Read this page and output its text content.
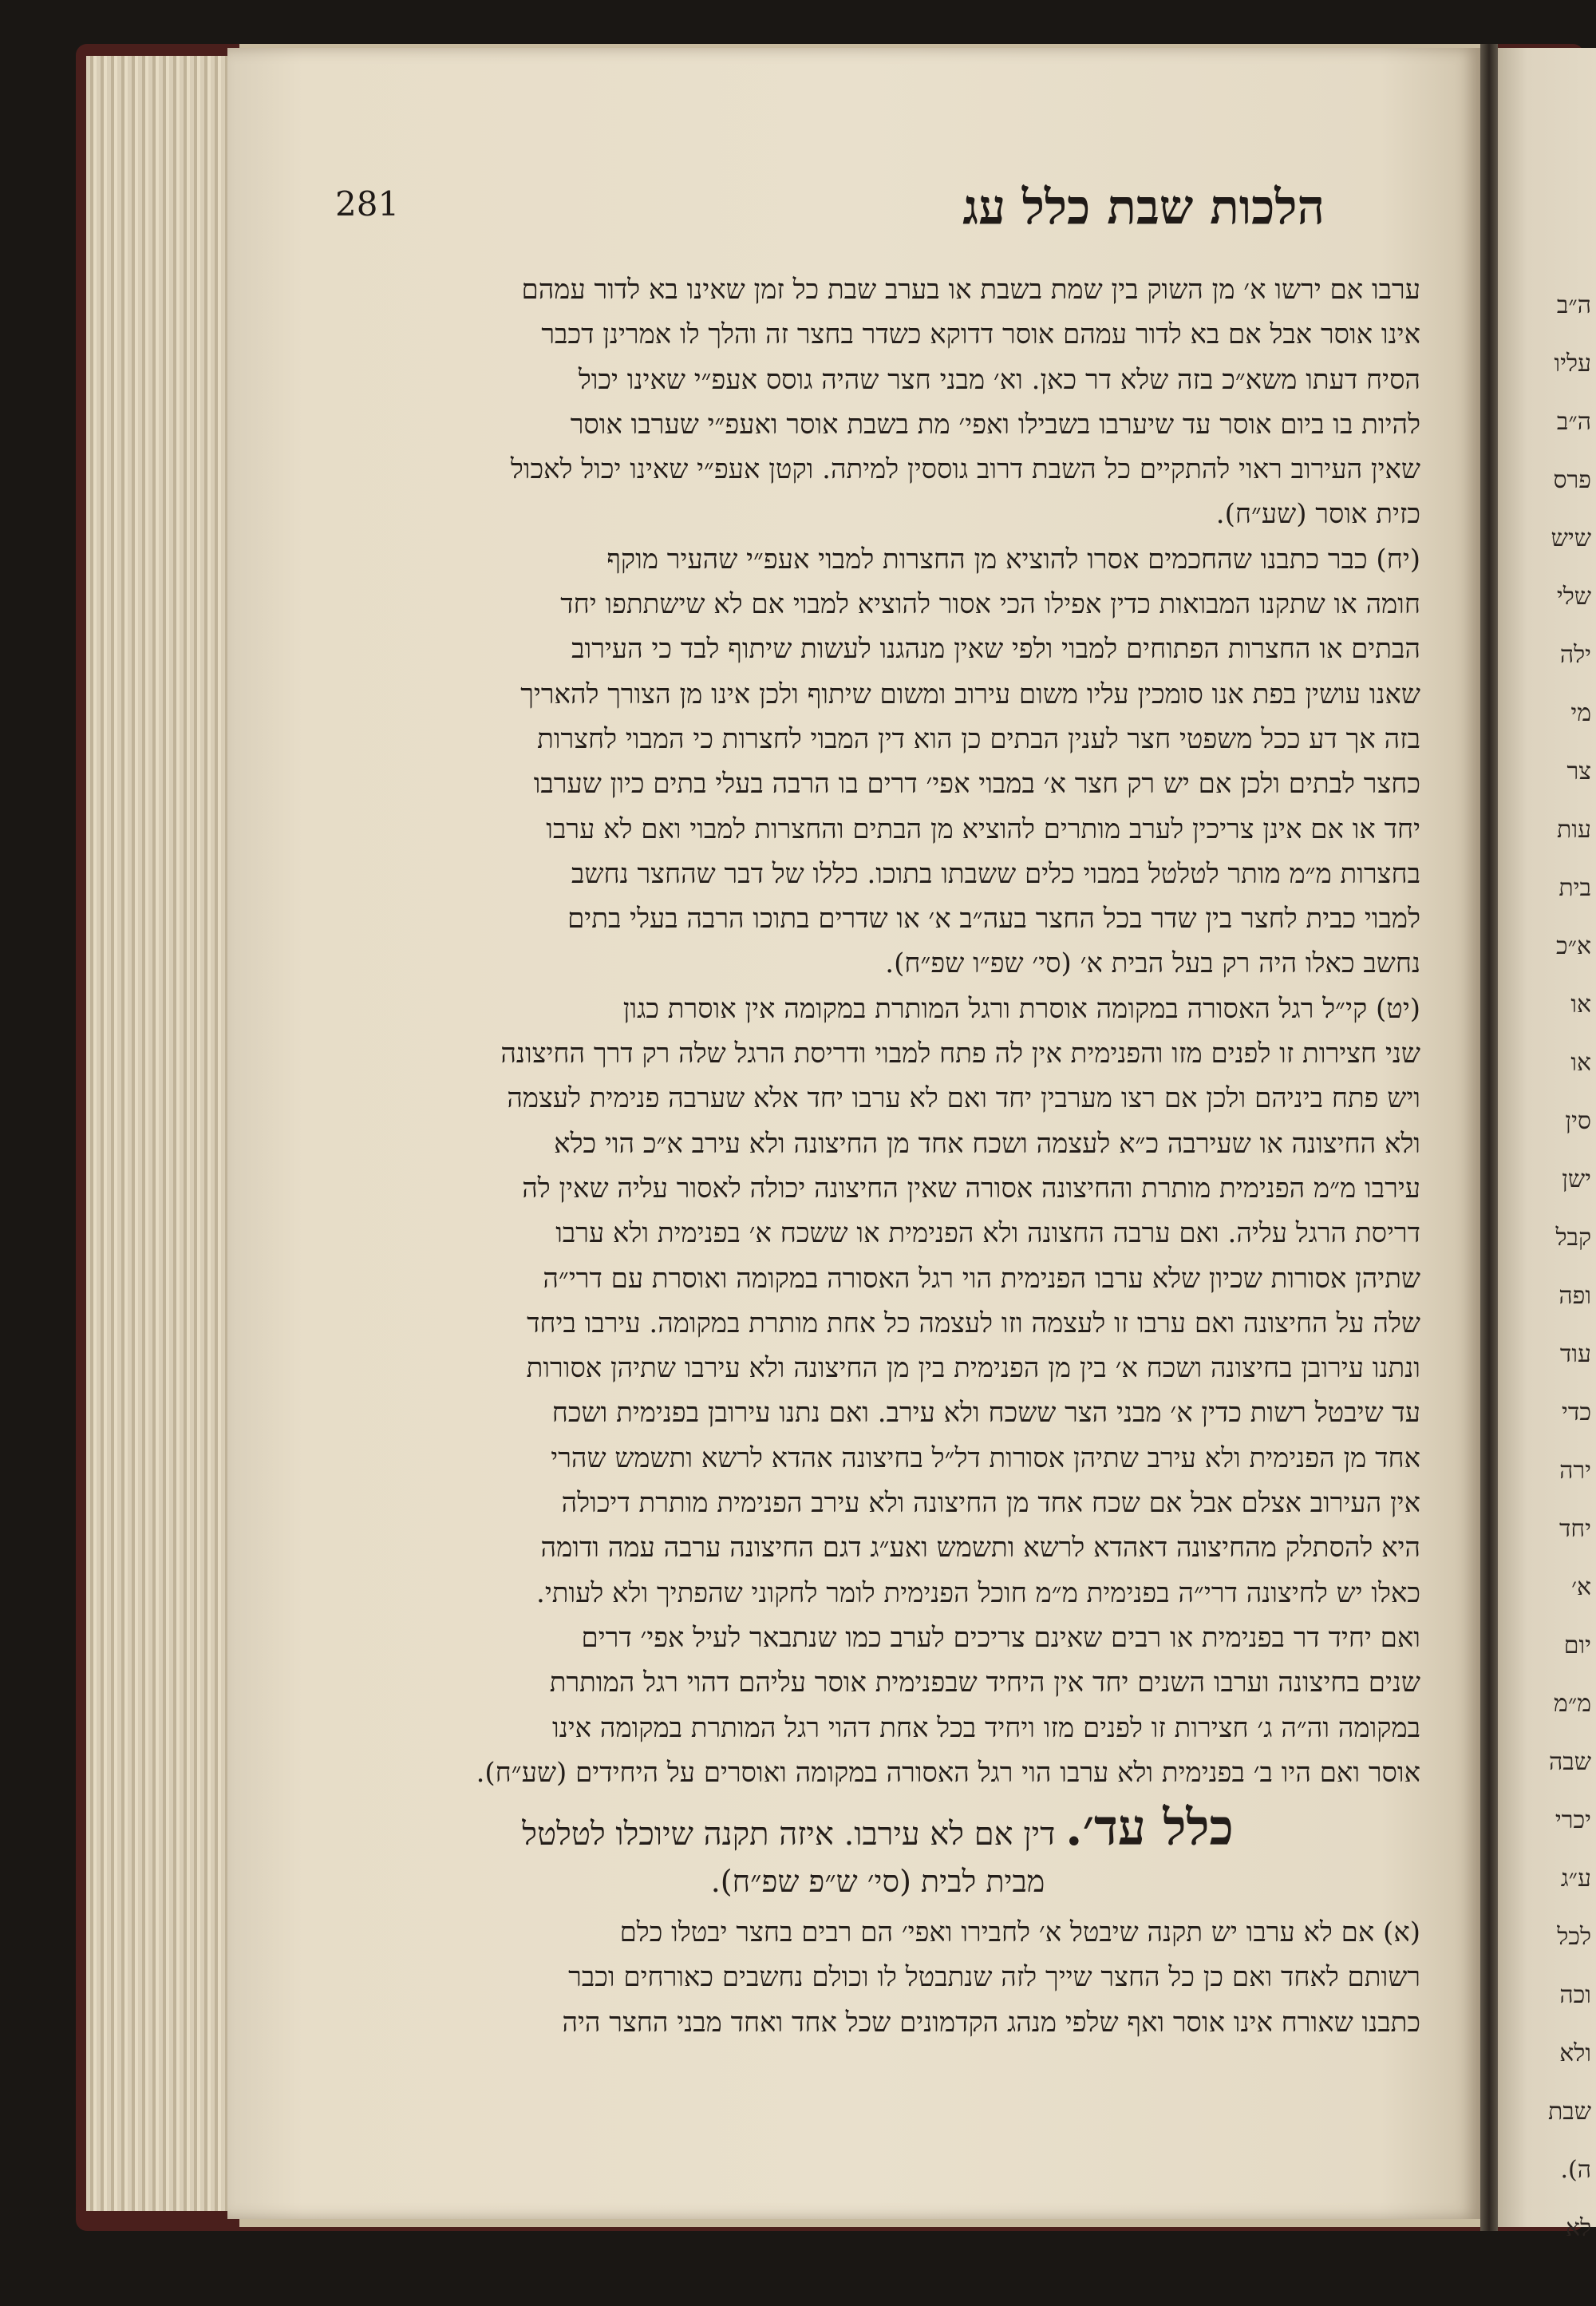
281	הלכות שבת כלל עג

ערבו אם ירשו א׳ מן השוק בין שמת בשבת או בערב שבת כל זמן שאינו בא לדור עמהם

אינו אוסר אבל אם בא לדור עמהם אוסר דדוקא כשדר בחצר זה והלך לו אמרינן דכבר

הסיח דעתו משא״כ בזה שלא דר כאן. וא׳ מבני חצר שהיה גוסס אעפ״י שאינו יכול

להיות בו ביום אוסר עד שיערבו בשבילו ואפי׳ מת בשבת אוסר ואעפ״י שערבו אוסר

שאין העירוב ראוי להתקיים כל השבת דרוב גוססין למיתה. וקטן אעפ״י שאינו יכול לאכול

כזית אוסר (שע״ח).

(יח) כבר כתבנו שהחכמים אסרו להוציא מן החצרות למבוי אעפ״י שהעיר מוקף

חומה או שתקנו המבואות כדין אפילו הכי אסור להוציא למבוי אם לא שישתתפו יחד

הבתים או החצרות הפתוחים למבוי ולפי שאין מנהגנו לעשות שיתוף לבד כי העירוב

שאנו עושין בפת אנו סומכין עליו משום עירוב ומשום שיתוף ולכן אינו מן הצורך להאריך

בזה אך דע ככל משפטי חצר לענין הבתים כן הוא דין המבוי לחצרות כי המבוי לחצרות

כחצר לבתים ולכן אם יש רק חצר א׳ במבוי אפי׳ דרים בו הרבה בעלי בתים כיון שערבו

יחד או אם אינן צריכין לערב מותרים להוציא מן הבתים והחצרות למבוי ואם לא ערבו

בחצרות מ״מ מותר לטלטל במבוי כלים ששבתו בתוכו. כללו של דבר שהחצר נחשב

למבוי כבית לחצר בין שדר בכל החצר בעה״ב א׳ או שדרים בתוכו הרבה בעלי בתים

נחשב כאלו היה רק בעל הבית א׳ (סי׳ שפ״ו שפ״ח).

(יט) קי״ל רגל האסורה במקומה אוסרת ורגל המותרת במקומה אין אוסרת כגון

שני חצירות זו לפנים מזו והפנימית אין לה פתח למבוי ודריסת הרגל שלה רק דרך החיצונה

ויש פתח ביניהם ולכן אם רצו מערבין יחד ואם לא ערבו יחד אלא שערבה פנימית לעצמה

ולא החיצונה או שעירבה כ״א לעצמה ושכח אחד מן החיצונה ולא עירב א״כ הוי כלא

עירבו מ״מ הפנימית מותרת והחיצונה אסורה שאין החיצונה יכולה לאסור עליה שאין לה

דריסת הרגל עליה. ואם ערבה החצונה ולא הפנימית או ששכח א׳ בפנימית ולא ערבו

שתיהן אסורות שכיון שלא ערבו הפנימית הוי רגל האסורה במקומה ואוסרת עם דרי״ה

שלה על החיצונה ואם ערבו זו לעצמה וזו לעצמה כל אחת מותרת במקומה. עירבו ביחד

ונתנו עירובן בחיצונה ושכח א׳ בין מן הפנימית בין מן החיצונה ולא עירבו שתיהן אסורות

עד שיבטל רשות כדין א׳ מבני הצר ששכח ולא עירב. ואם נתנו עירובן בפנימית ושכח

אחד מן הפנימית ולא עירב שתיהן אסורות דל״ל בחיצונה אהדא לרשא ותשמש שהרי

אין העירוב אצלם אבל אם שכח אחד מן החיצונה ולא עירב הפנימית מותרת דיכולה

היא להסתלק מהחיצונה דאהדא לרשא ותשמש ואע״ג דגם החיצונה ערבה עמה ודומה

כאלו יש לחיצונה דרי״ה בפנימית מ״מ חוכל הפנימית לומר לחקוני שהפתיך ולא לעותי.

ואם יחיד דר בפנימית או רבים שאינם צריכים לערב כמו שנתבאר לעיל אפי׳ דרים

שנים בחיצונה וערבו השנים יחד אין היחיד שבפנימית אוסר עליהם דהוי רגל המותרת

במקומה וה״ה ג׳ חצירות זו לפנים מזו ויחיד בכל אחת דהוי רגל המותרת במקומה אינו

אוסר ואם היו ב׳ בפנימית ולא ערבו הוי רגל האסורה במקומה ואוסרים על היחידים (שע״ח).

כלל עד׳. דין אם לא עירבו. איזה תקנה שיוכלו לטלטל
מבית לבית (סי׳ ש״פ שפ״ח).

(א) אם לא ערבו יש תקנה שיבטל א׳ לחבירו ואפי׳ הם רבים בחצר יבטלו כלם

רשותם לאחד ואם כן כל החצר שייך לזה שנתבטל לו וכולם נחשבים כאורחים וכבר

כתבנו שאורח אינו אוסר ואף שלפי מנהג הקדמונים שכל אחד ואחד מבני החצר היה

ה״ב
עליו
ה״ב
פרס
שיש
שלי
ילה
מי
צר
עות
בית
א״כ
או
או
סין
ישן
קבל
ופה
עוד
כדי
ירה
יחד
א׳
יום
מ״מ
שבה
יכרי
ע״ג
לכל
וכה
ולא
שבת
ה).
לא
